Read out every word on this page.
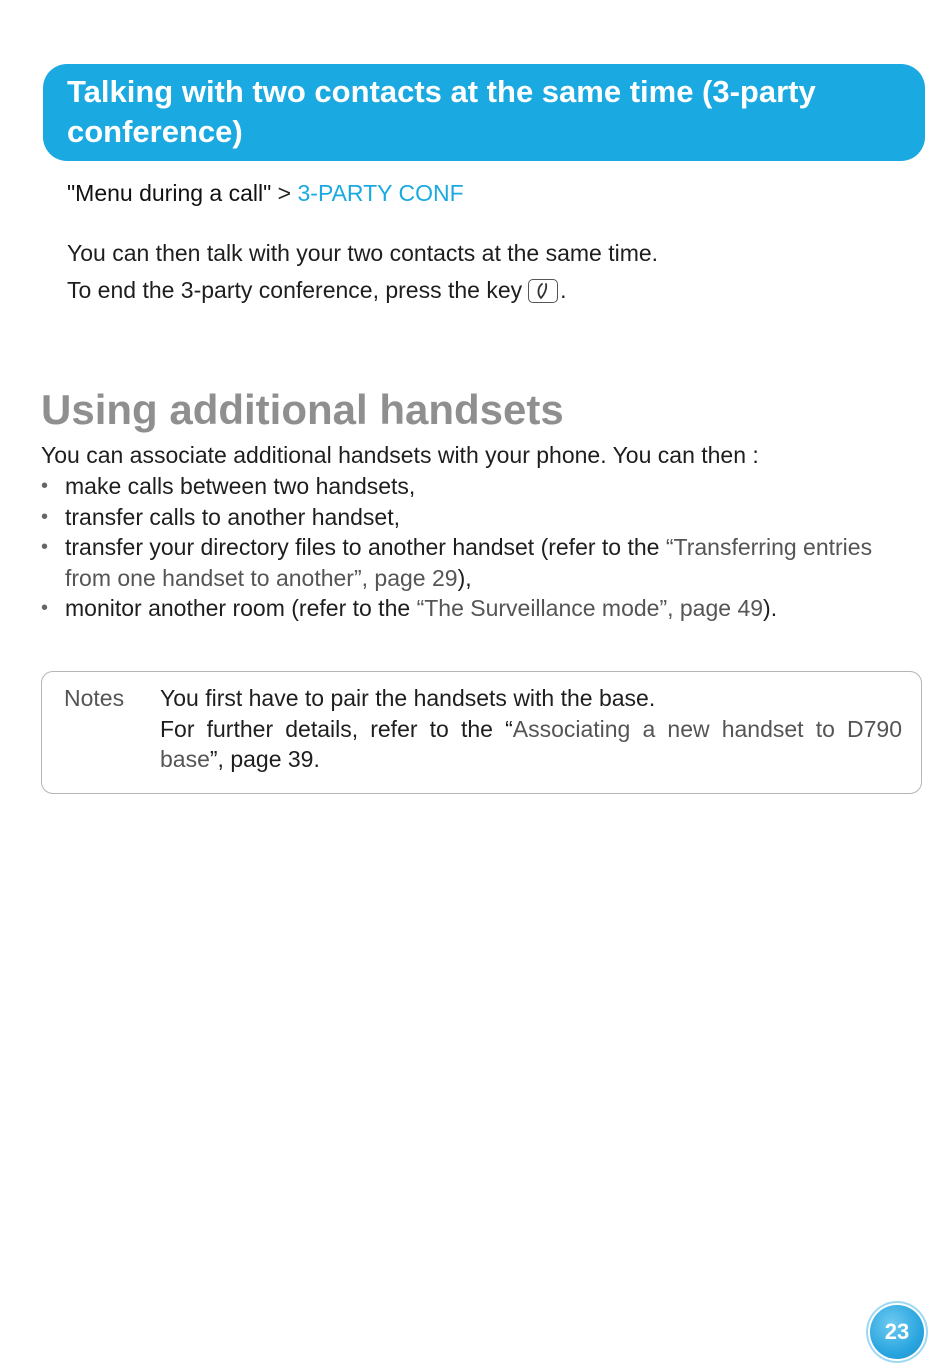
Talking with two contacts at the same time (3-party conference)
"Menu during a call" > 3-PARTY CONF

You can then talk with your two contacts at the same time.

To end the 3-party conference, press the key .

Using additional handsets

You can associate additional handsets with your phone. You can then :

• make calls between two handsets,
• transfer calls to another handset,
• transfer your directory files to another handset (refer to the “Transferring entries from one handset to another”, page 29),
• monitor another room (refer to the “The Surveillance mode”, page 49).
Notes You first have to pair the handsets with the base.

For further details, refer to the “Associating a new handset to D790 base”, page 39.

23
